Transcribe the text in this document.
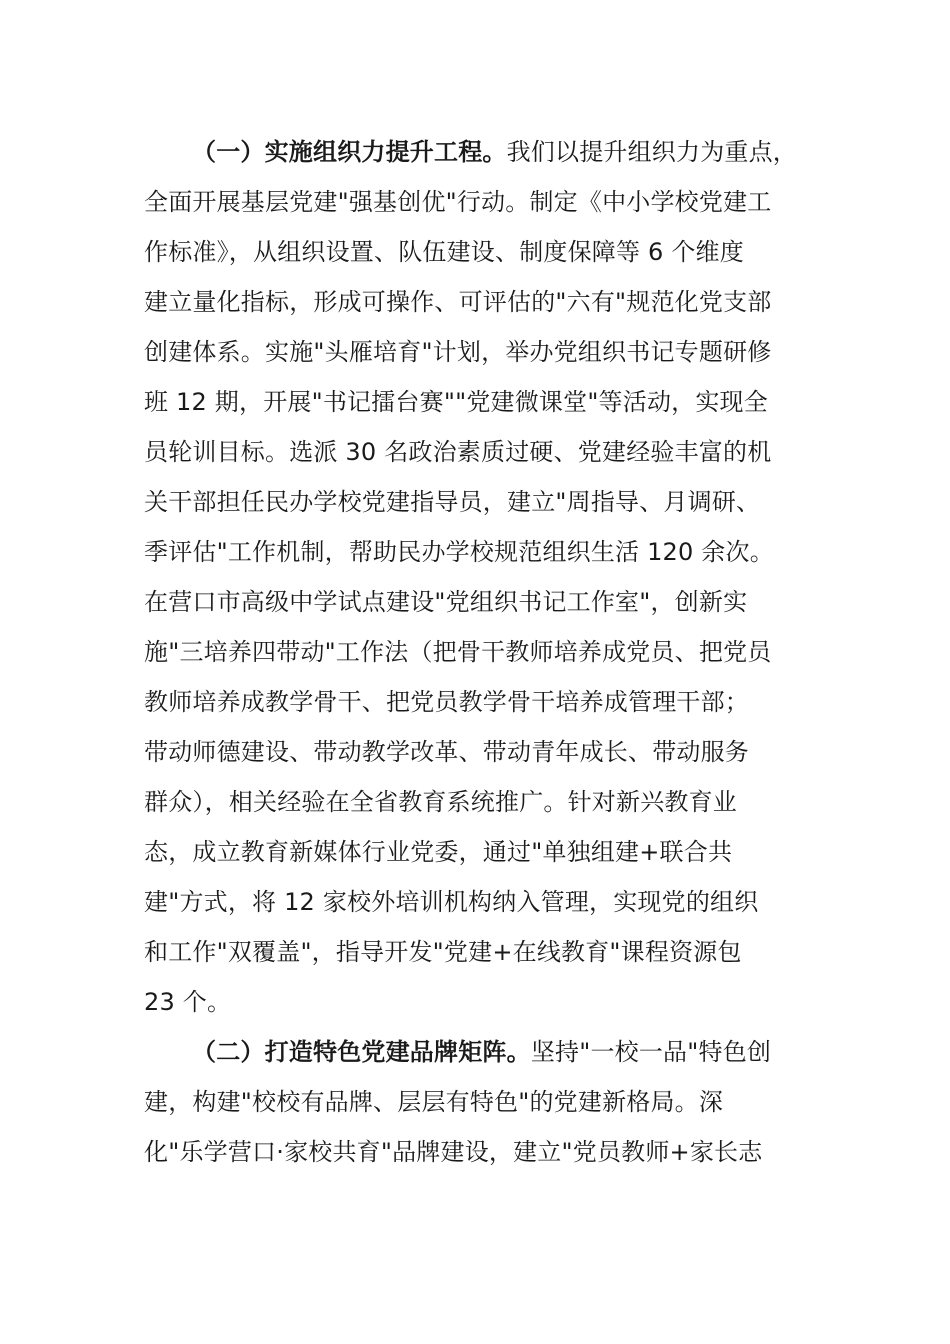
（一）实施组织力提升工程。我们以提升组织力为重点，
全面开展基层党建"强基创优"行动。制定《中小学校党建工
作标准》，从组织设置、队伍建设、制度保障等 6 个维度
建立量化指标，形成可操作、可评估的"六有"规范化党支部
创建体系。实施"头雁培育"计划，举办党组织书记专题研修
班 12 期，开展"书记擂台赛""党建微课堂"等活动，实现全
员轮训目标。选派 30 名政治素质过硬、党建经验丰富的机
关干部担任民办学校党建指导员，建立"周指导、月调研、
季评估"工作机制，帮助民办学校规范组织生活 120 余次。
在营口市高级中学试点建设"党组织书记工作室"，创新实
施"三培养四带动"工作法（把骨干教师培养成党员、把党员
教师培养成教学骨干、把党员教学骨干培养成管理干部；
带动师德建设、带动教学改革、带动青年成长、带动服务
群众），相关经验在全省教育系统推广。针对新兴教育业
态，成立教育新媒体行业党委，通过"单独组建+联合共
建"方式，将 12 家校外培训机构纳入管理，实现党的组织
和工作"双覆盖"，指导开发"党建+在线教育"课程资源包
23 个。
（二）打造特色党建品牌矩阵。坚持"一校一品"特色创
建，构建"校校有品牌、层层有特色"的党建新格局。深
化"乐学营口·家校共育"品牌建设，建立"党员教师+家长志
